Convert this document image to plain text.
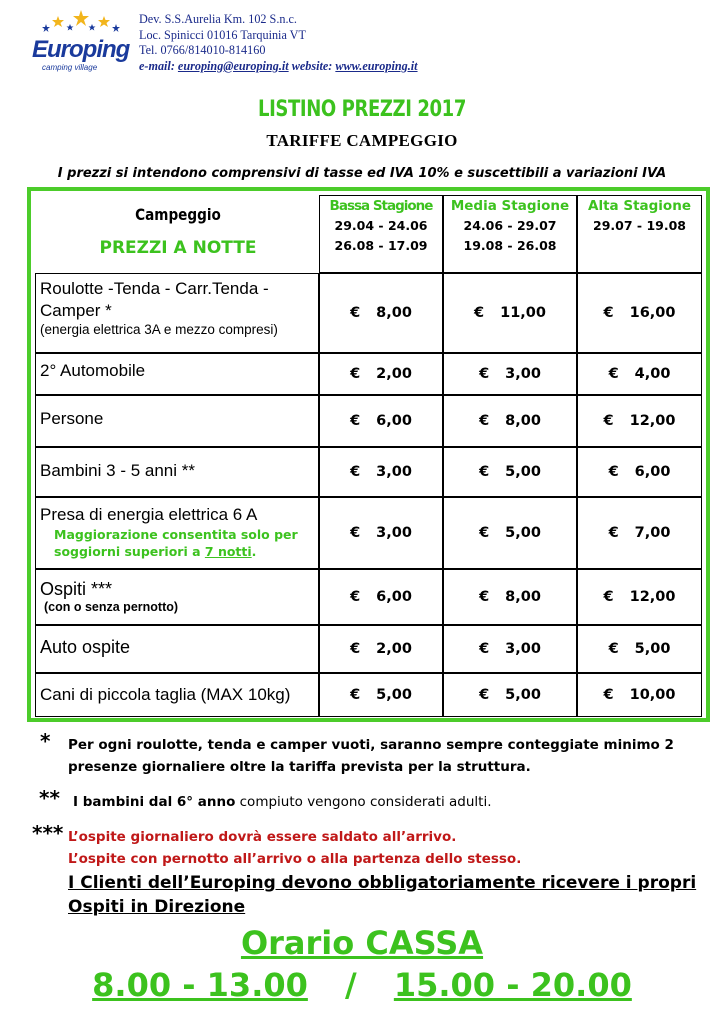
Europing
camping village
Dev. S.S.Aurelia Km. 102 S.n.c.
Loc. Spinicci 01016 Tarquinia VT
Tel. 0766/814010-814160
e-mail: europing@europing.it website: www.europing.it
LISTINO PREZZI 2017
TARIFFE CAMPEGGIO
I prezzi si intendono comprensivi di tasse ed IVA 10% e suscettibili a variazioni IVA
Campeggio
PREZZI A NOTTE
Bassa Stagione
29.04 - 24.06
26.08 - 17.09
Media Stagione
24.06 - 29.07
19.08 - 26.08
Alta Stagione
29.07 - 19.08
Roulotte -Tenda - Carr.Tenda -
Camper *
(energia elettrica 3A e mezzo compresi)
€ 8,00	€ 11,00	€ 16,00
2° Automobile	€ 2,00	€ 3,00	€ 4,00
Persone	€ 6,00	€ 8,00	€ 12,00
Bambini 3 - 5 anni **	€ 3,00	€ 5,00	€ 6,00
Presa di energia elettrica 6 A
Maggiorazione consentita solo per
soggiorni superiori a 7 notti.
€ 3,00	€ 5,00	€ 7,00
Ospiti ***
(con o senza pernotto)
€ 6,00	€ 8,00	€ 12,00
Auto ospite	€ 2,00	€ 3,00	€ 5,00
Cani di piccola taglia (MAX 10kg)	€ 5,00	€ 5,00	€ 10,00
* Per ogni roulotte, tenda e camper vuoti, saranno sempre conteggiate minimo 2
presenze giornaliere oltre la tariffa prevista per la struttura.
** I bambini dal 6° anno compiuto vengono considerati adulti.
*** L’ospite giornaliero dovrà essere saldato all’arrivo.
L’ospite con pernotto all’arrivo o alla partenza dello stesso.
I Clienti dell’Europing devono obbligatoriamente ricevere i propri
Ospiti in Direzione
Orario CASSA
8.00 - 13.00 / 15.00 - 20.00
